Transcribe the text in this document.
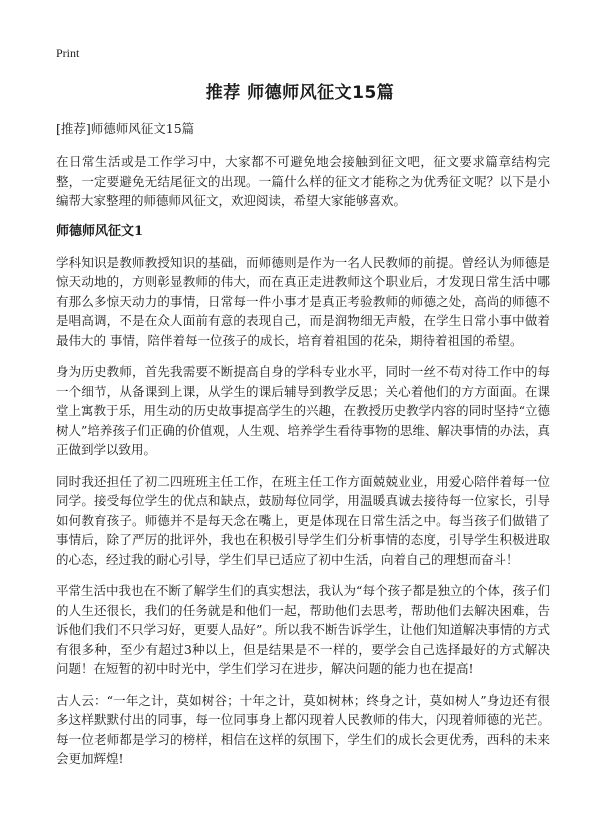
Print
推荐 师德师风征文15篇
[推荐]师德师风征文15篇

在日常生活或是工作学习中，大家都不可避免地会接触到征文吧，征文要求篇章结构完整，一定要避免无结尾征文的出现。一篇什么样的征文才能称之为优秀征文呢？以下是小编帮大家整理的师德师风征文，欢迎阅读，希望大家能够喜欢。

师德师风征文1

学科知识是教师教授知识的基础，而师德则是作为一名人民教师的前提。曾经认为师德是惊天动地的，方则彰显教师的伟大，而在真正走进教师这个职业后，才发现日常生活中哪有那么多惊天动力的事情，日常每一件小事才是真正考验教师的师德之处，高尚的师德不是唱高调，不是在众人面前有意的表现自己，而是润物细无声般，在学生日常小事中做着最伟大的 事情，陪伴着每一位孩子的成长，培育着祖国的花朵，期待着祖国的希望。

身为历史教师，首先我需要不断提高自身的学科专业水平，同时一丝不苟对待工作中的每一个细节，从备课到上课，从学生的课后辅导到教学反思；关心着他们的方方面面。在课堂上寓教于乐，用生动的历史故事提高学生的兴趣，在教授历史教学内容的同时坚持“立德树人”培养孩子们正确的价值观，人生观、培养学生看待事物的思维、解决事情的办法，真正做到学以致用。

同时我还担任了初二四班班主任工作，在班主任工作方面兢兢业业，用爱心陪伴着每一位同学。接受每位学生的优点和缺点，鼓励每位同学，用温暖真诚去接待每一位家长，引导如何教育孩子。师德并不是每天念在嘴上，更是体现在日常生活之中。每当孩子们做错了事情后，除了严厉的批评外，我也在积极引导学生们分析事情的态度，引导学生积极进取的心态，经过我的耐心引导，学生们早已适应了初中生活，向着自己的理想而奋斗！

平常生活中我也在不断了解学生们的真实想法，我认为“每个孩子都是独立的个体，孩子们的人生还很长，我们的任务就是和他们一起，帮助他们去思考，帮助他们去解决困难，告诉他们我们不只学习好，更要人品好”。所以我不断告诉学生，让他们知道解决事情的方式有很多种，至少有超过3种以上，但是结果是不一样的，要学会自己选择最好的方式解决问题！在短暂的初中时光中，学生们学习在进步，解决问题的能力也在提高!

古人云：“一年之计，莫如树谷；十年之计，莫如树林；终身之计，莫如树人”身边还有很多这样默默付出的同事，每一位同事身上都闪现着人民教师的伟大，闪现着师德的光芒。每一位老师都是学习的榜样，相信在这样的氛围下，学生们的成长会更优秀，西科的未来会更加辉煌!
